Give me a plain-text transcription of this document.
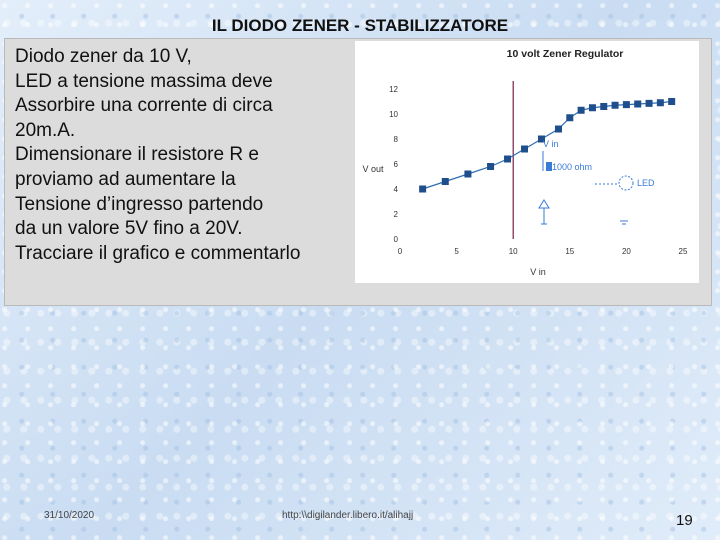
IL DIODO ZENER - STABILIZZATORE
Diodo zener da 10 V,
LED a tensione massima deve
Assorbire una corrente di circa
20m.A.
Dimensionare il resistore R e
proviamo ad aumentare la
Tensione d’ingresso partendo
da un valore 5V fino a 20V.
Tracciare il grafico e commentarlo
10 volt Zener Regulator
V out
V in
0
2
4
6
8
10
12
0	5	10	15	20	25
V in
1000 ohm
LED
31/10/2020	http:\\digilander.libero.it/alihajj	19
